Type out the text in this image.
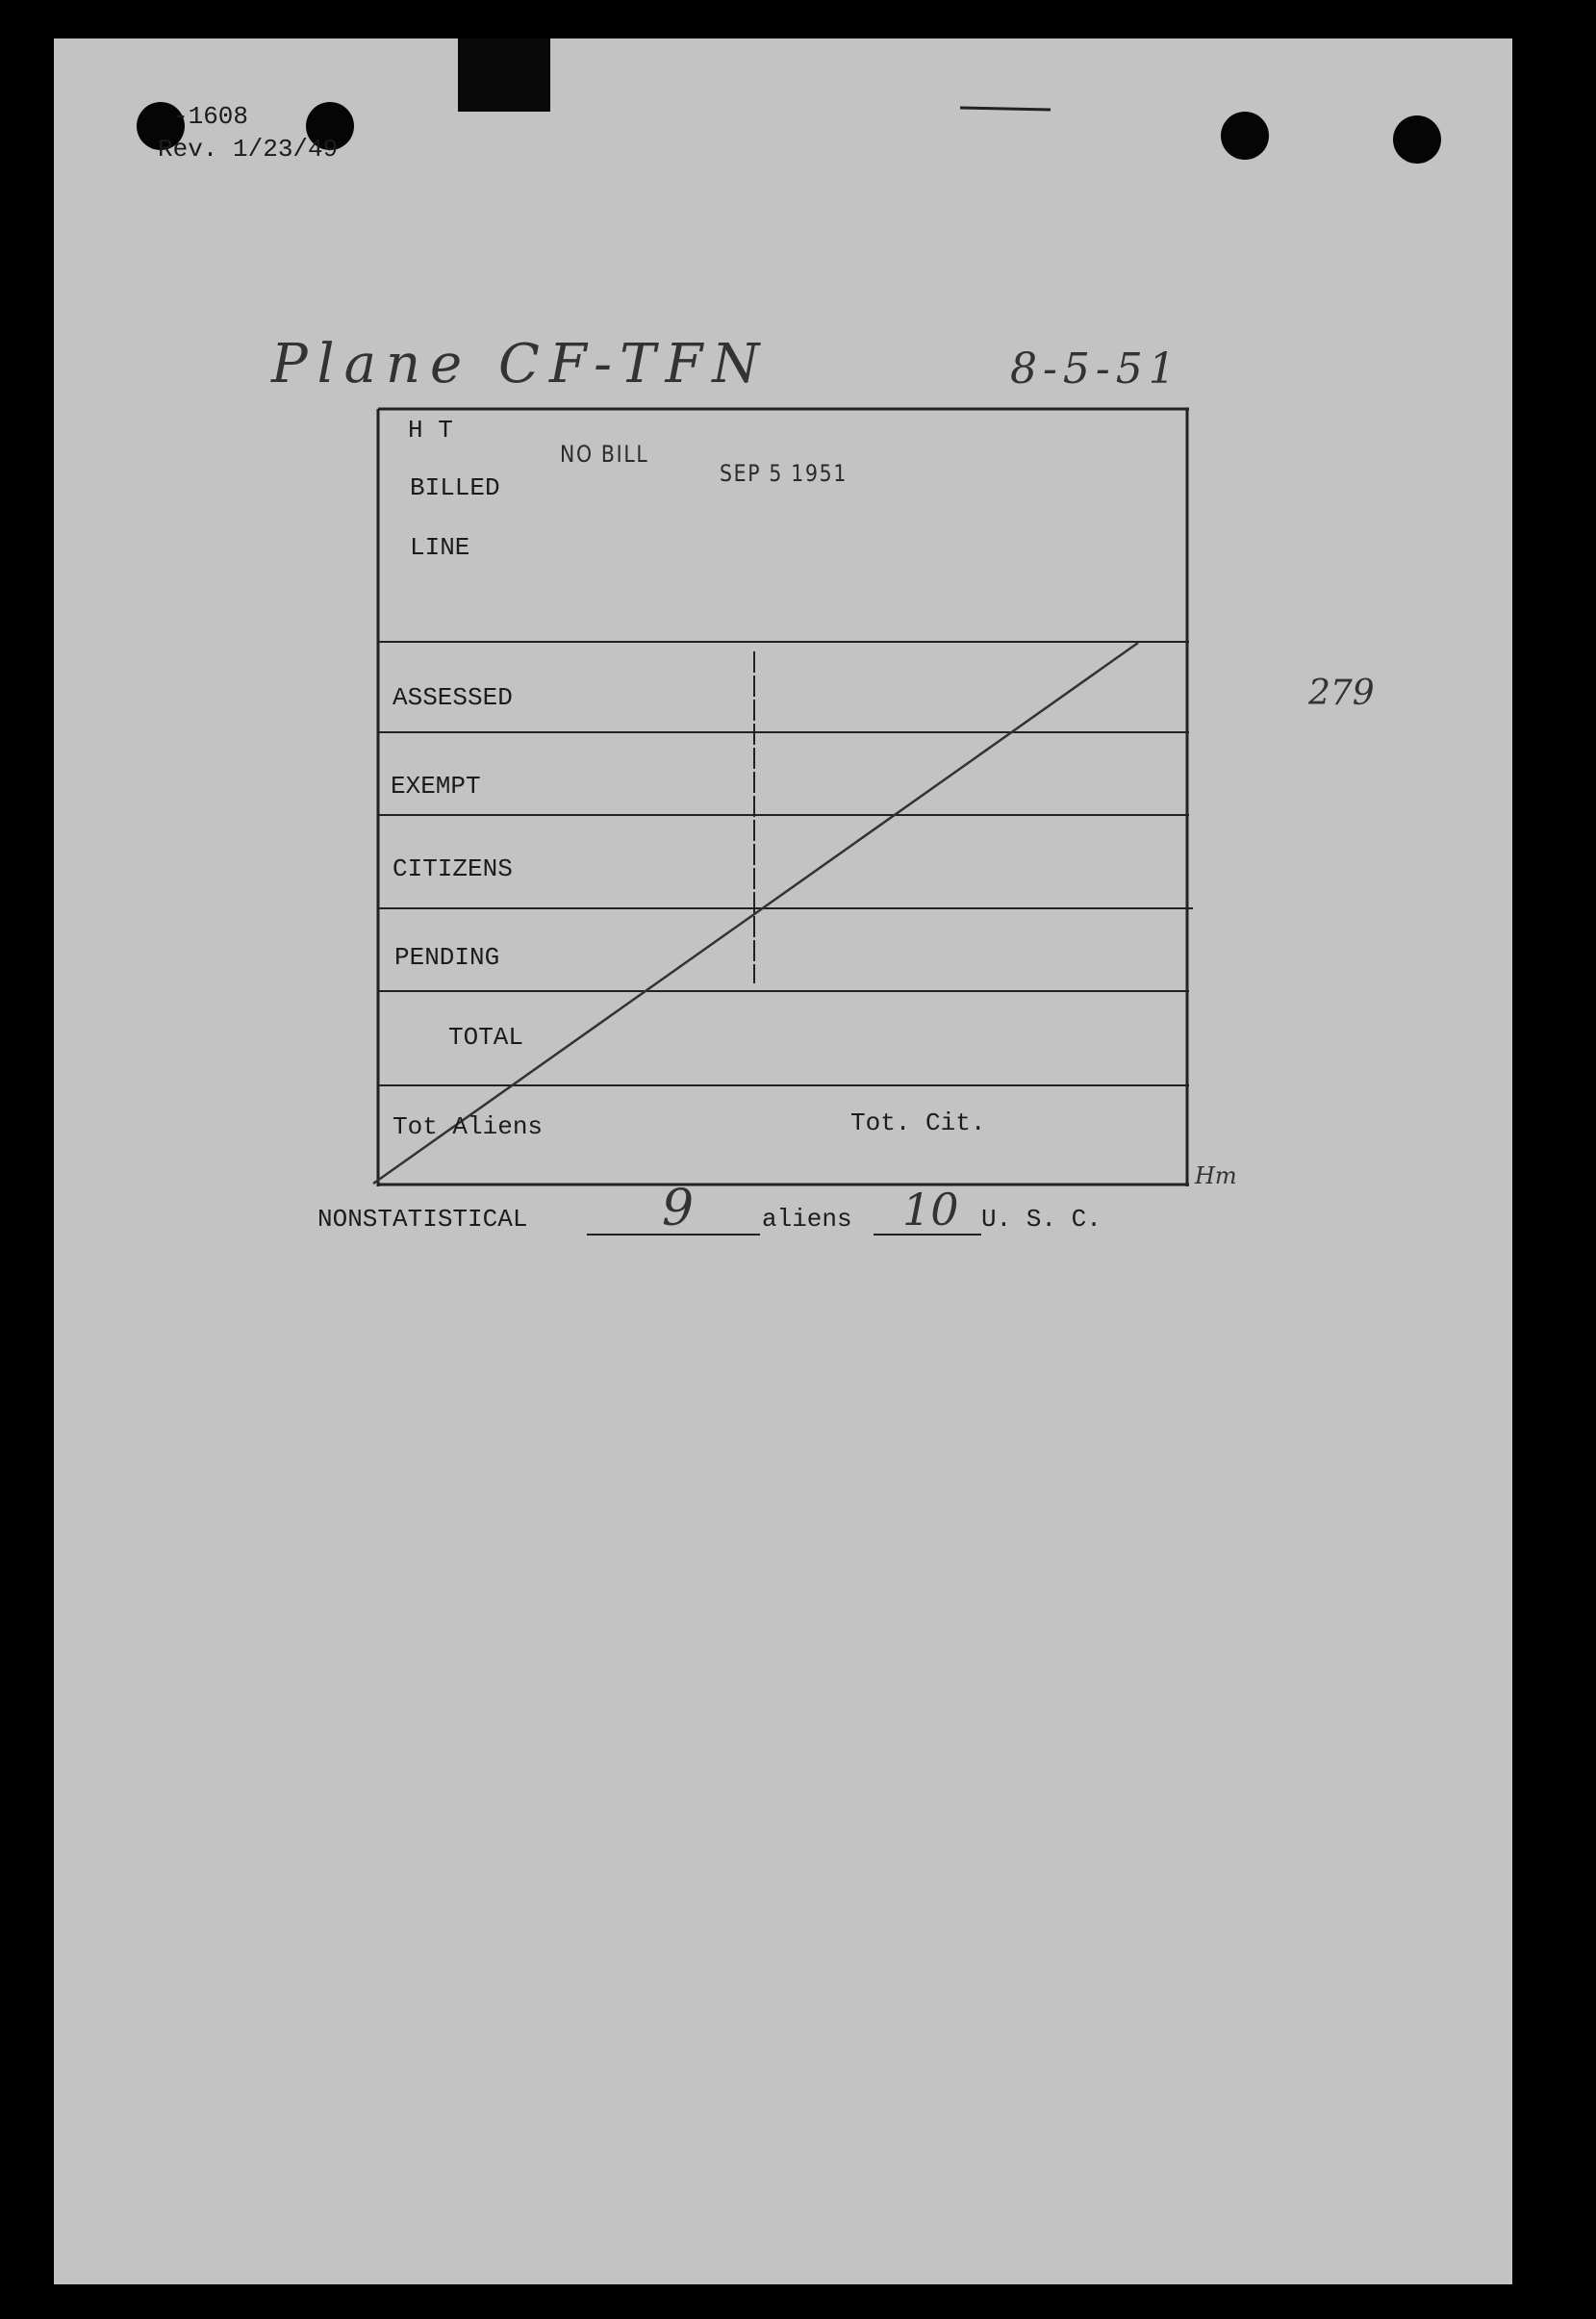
-1608
Rev. 1/23/49
Plane CF-TFN	8-5-51
279
Hm
H T
BILLED
LINE
NO BILL
SEP 5 1951
ASSESSED
EXEMPT
CITIZENS
PENDING
TOTAL
Tot Aliens	Tot. Cit.
NONSTATISTICAL	9	aliens 10 U. S. C.
